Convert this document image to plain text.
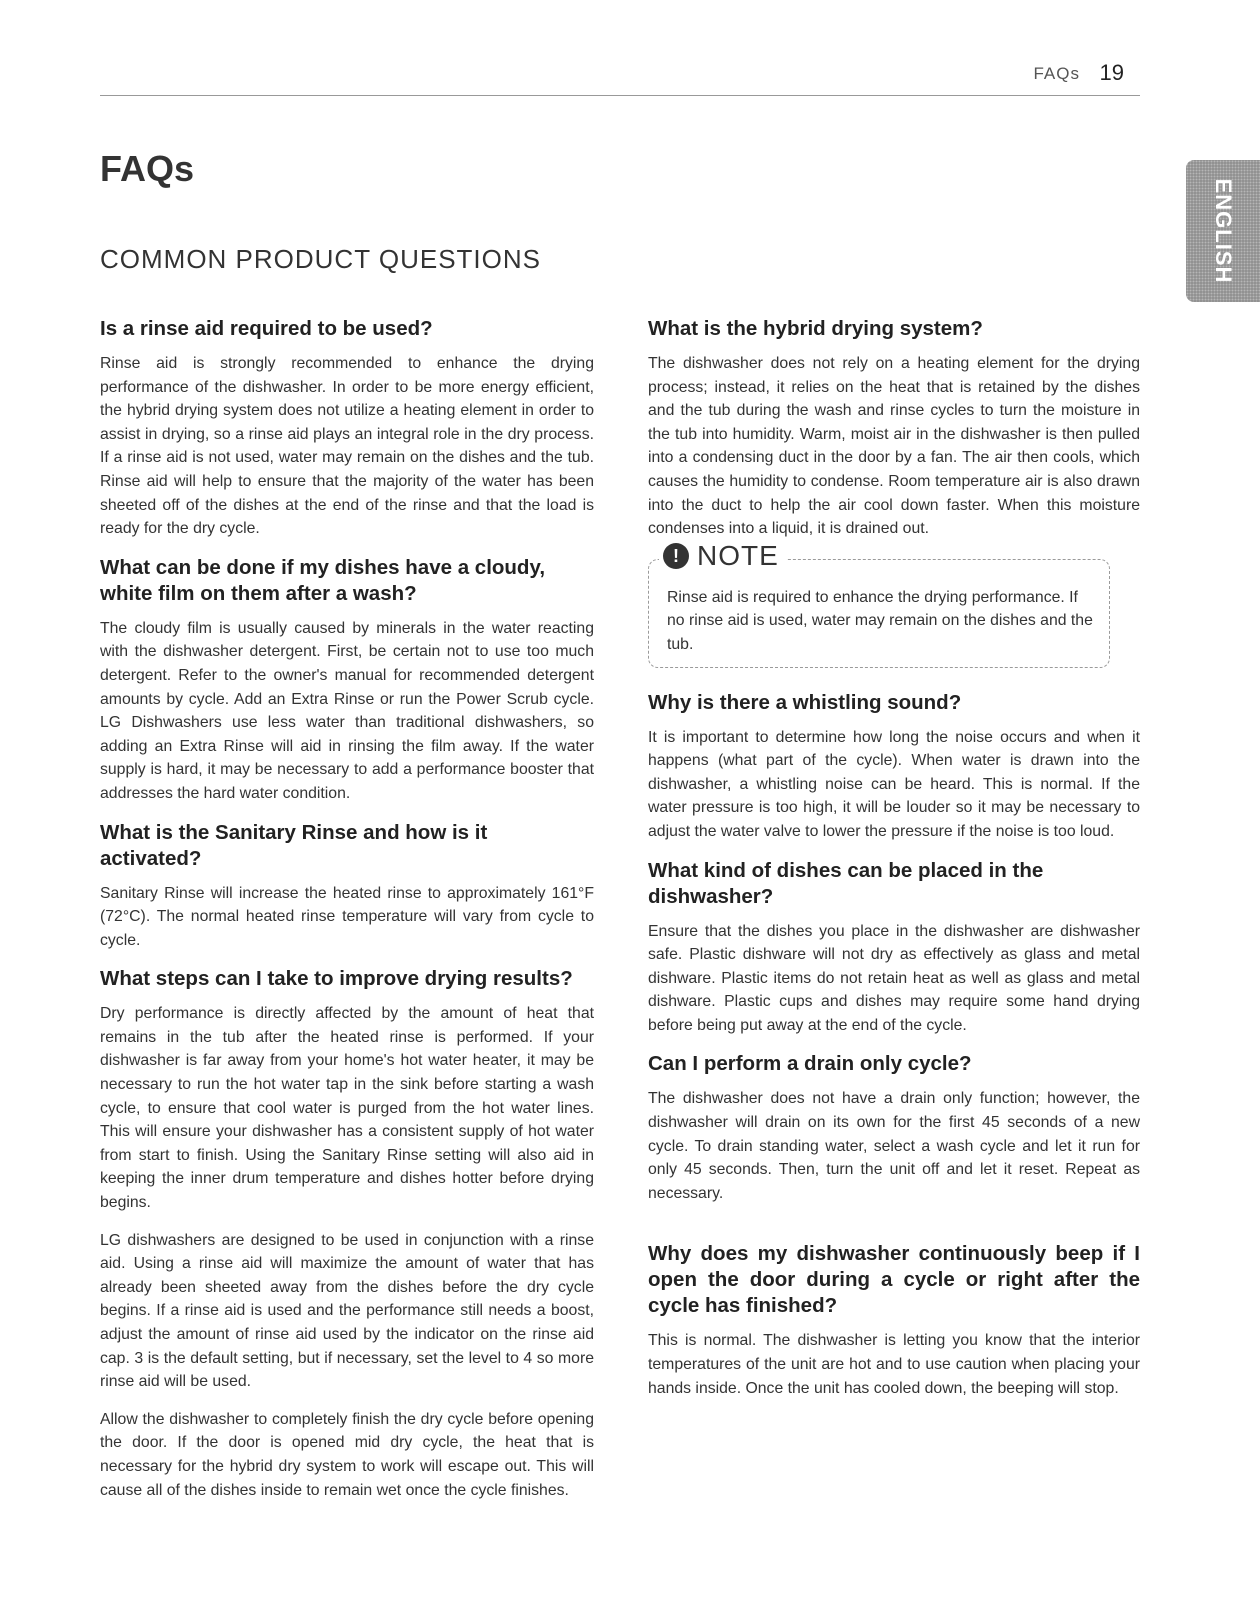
FAQs 19
ENGLISH
FAQs
COMMON PRODUCT QUESTIONS
Is a rinse aid required to be used?

Rinse aid is strongly recommended to enhance the drying performance of the dishwasher. In order to be more energy efficient, the hybrid drying system does not utilize a heating element in order to assist in drying, so a rinse aid plays an integral role in the dry process. If a rinse aid is not used, water may remain on the dishes and the tub. Rinse aid will help to ensure that the majority of the water has been sheeted off of the dishes at the end of the rinse and that the load is ready for the dry cycle.

What can be done if my dishes have a cloudy, white film on them after a wash?

The cloudy film is usually caused by minerals in the water reacting with the dishwasher detergent. First, be certain not to use too much detergent. Refer to the owner's manual for recommended detergent amounts by cycle. Add an Extra Rinse or run the Power Scrub cycle. LG Dishwashers use less water than traditional dishwashers, so adding an Extra Rinse will aid in rinsing the film away. If the water supply is hard, it may be necessary to add a performance booster that addresses the hard water condition.

What is the Sanitary Rinse and how is it activated?

Sanitary Rinse will increase the heated rinse to approximately 161°F (72°C). The normal heated rinse temperature will vary from cycle to cycle.

What steps can I take to improve drying results?

Dry performance is directly affected by the amount of heat that remains in the tub after the heated rinse is performed. If your dishwasher is far away from your home's hot water heater, it may be necessary to run the hot water tap in the sink before starting a wash cycle, to ensure that cool water is purged from the hot water lines. This will ensure your dishwasher has a consistent supply of hot water from start to finish. Using the Sanitary Rinse setting will also aid in keeping the inner drum temperature and dishes hotter before drying begins.

LG dishwashers are designed to be used in conjunction with a rinse aid. Using a rinse aid will maximize the amount of water that has already been sheeted away from the dishes before the dry cycle begins. If a rinse aid is used and the performance still needs a boost, adjust the amount of rinse aid used by the indicator on the rinse aid cap. 3 is the default setting, but if necessary, set the level to 4 so more rinse aid will be used.

Allow the dishwasher to completely finish the dry cycle before opening the door. If the door is opened mid dry cycle, the heat that is necessary for the hybrid dry system to work will escape out. This will cause all of the dishes inside to remain wet once the cycle finishes.

What is the hybrid drying system?

The dishwasher does not rely on a heating element for the drying process; instead, it relies on the heat that is retained by the dishes and the tub during the wash and rinse cycles to turn the moisture in the tub into humidity. Warm, moist air in the dishwasher is then pulled into a condensing duct in the door by a fan. The air then cools, which causes the humidity to condense. Room temperature air is also drawn into the duct to help the air cool down faster. When this moisture condenses into a liquid, it is drained out.

! NOTE

Rinse aid is required to enhance the drying performance. If no rinse aid is used, water may remain on the dishes and the tub.

Why is there a whistling sound?

It is important to determine how long the noise occurs and when it happens (what part of the cycle). When water is drawn into the dishwasher, a whistling noise can be heard. This is normal. If the water pressure is too high, it will be louder so it may be necessary to adjust the water valve to lower the pressure if the noise is too loud.

What kind of dishes can be placed in the dishwasher?

Ensure that the dishes you place in the dishwasher are dishwasher safe. Plastic dishware will not dry as effectively as glass and metal dishware. Plastic items do not retain heat as well as glass and metal dishware. Plastic cups and dishes may require some hand drying before being put away at the end of the cycle.

Can I perform a drain only cycle?

The dishwasher does not have a drain only function; however, the dishwasher will drain on its own for the first 45 seconds of a new cycle. To drain standing water, select a wash cycle and let it run for only 45 seconds. Then, turn the unit off and let it reset. Repeat as necessary.

Why does my dishwasher continuously beep if I open the door during a cycle or right after the cycle has finished?

This is normal. The dishwasher is letting you know that the interior temperatures of the unit are hot and to use caution when placing your hands inside. Once the unit has cooled down, the beeping will stop.
